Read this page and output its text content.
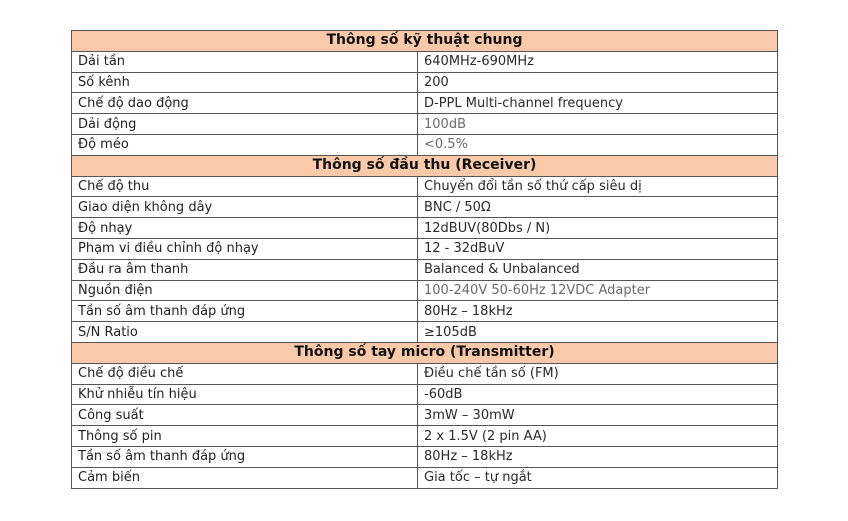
Thông số kỹ thuật chung	
Dải tần	640MHz-690MHz
Số kênh	200
Chế độ dao động	D-PPL Multi-channel frequency
Dải động	100dB
Độ méo	<0.5%
Thông số đầu thu (Receiver)	
Chế độ thu	Chuyển đổi tần số thứ cấp siêu dị
Giao diện không dây	BNC / 50Ω
Độ nhạy	12dBUV(80Dbs / N)
Phạm vi điều chỉnh độ nhạy	12 - 32dBuV
Đầu ra âm thanh	Balanced & Unbalanced
Nguồn điện	100-240V 50-60Hz 12VDC Adapter
Tần số âm thanh đáp ứng	80Hz – 18kHz
S/N Ratio	≥105dB
Thông số tay micro (Transmitter)	
Chế độ điều chế	Điều chế tần số (FM)
Khử nhiễu tín hiệu	-60dB
Công suất	3mW – 30mW
Thông số pin	2 x 1.5V (2 pin AA)
Tần số âm thanh đáp ứng	80Hz – 18kHz
Cảm biến	Gia tốc – tự ngắt
